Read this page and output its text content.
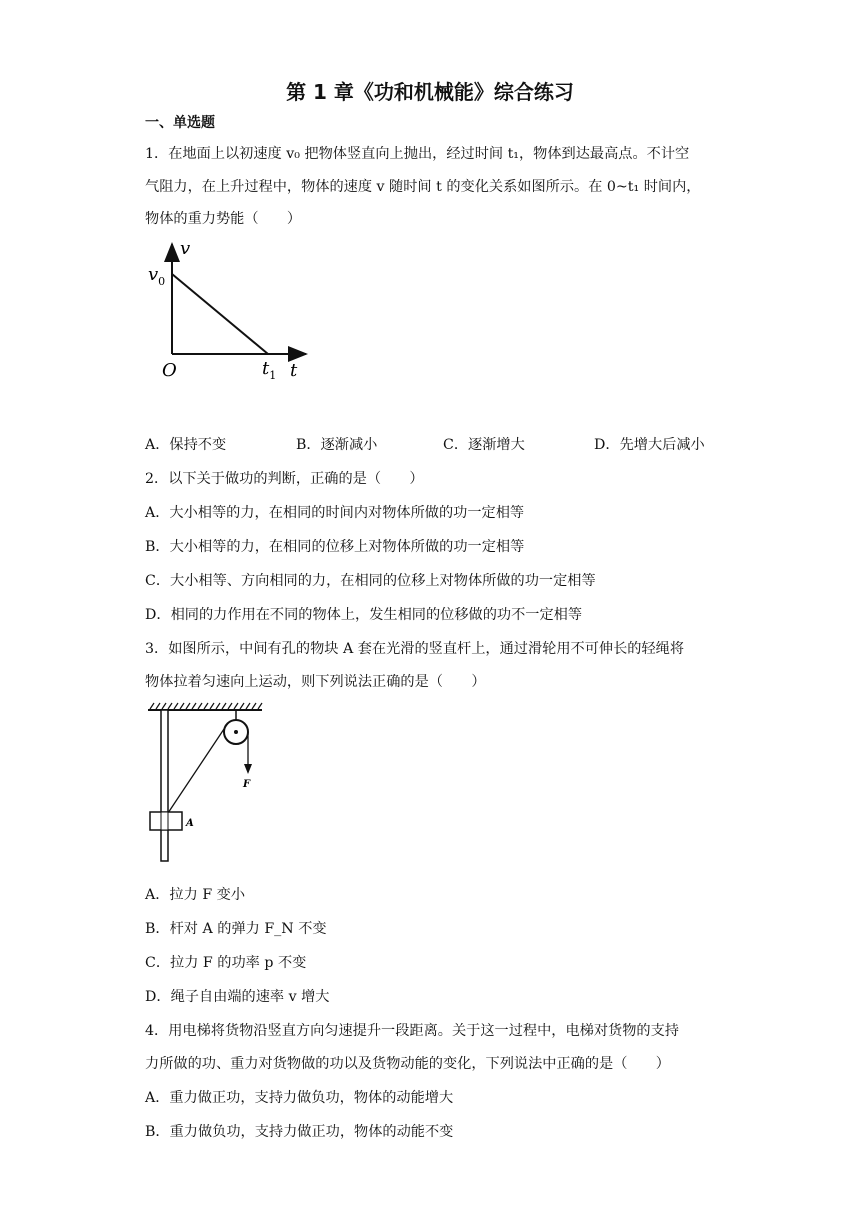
第 1 章《功和机械能》综合练习
一、单选题
1．在地面上以初速度 v₀ 把物体竖直向上抛出，经过时间 t₁，物体到达最高点。不计空
气阻力，在上升过程中，物体的速度 v 随时间 t 的变化关系如图所示。在 0~t₁ 时间内，
物体的重力势能（　　）
v
$v_0$
O	$t_1$ t
A．保持不变	B．逐渐减小	C．逐渐增大	D．先增大后减小
2．以下关于做功的判断，正确的是（　　）
A．大小相等的力，在相同的时间内对物体所做的功一定相等
B．大小相等的力，在相同的位移上对物体所做的功一定相等
C．大小相等、方向相同的力，在相同的位移上对物体所做的功一定相等
D．相同的力作用在不同的物体上，发生相同的位移做的功不一定相等
3．如图所示，中间有孔的物块 A 套在光滑的竖直杆上，通过滑轮用不可伸长的轻绳将
物体拉着匀速向上运动，则下列说法正确的是（　　）
F
A
A．拉力 F 变小
B．杆对 A 的弹力 F_N 不变
C．拉力 F 的功率 p 不变
D．绳子自由端的速率 v 增大
4．用电梯将货物沿竖直方向匀速提升一段距离。关于这一过程中，电梯对货物的支持
力所做的功、重力对货物做的功以及货物动能的变化，下列说法中正确的是（　　）
A．重力做正功，支持力做负功，物体的动能增大
B．重力做负功，支持力做正功，物体的动能不变
